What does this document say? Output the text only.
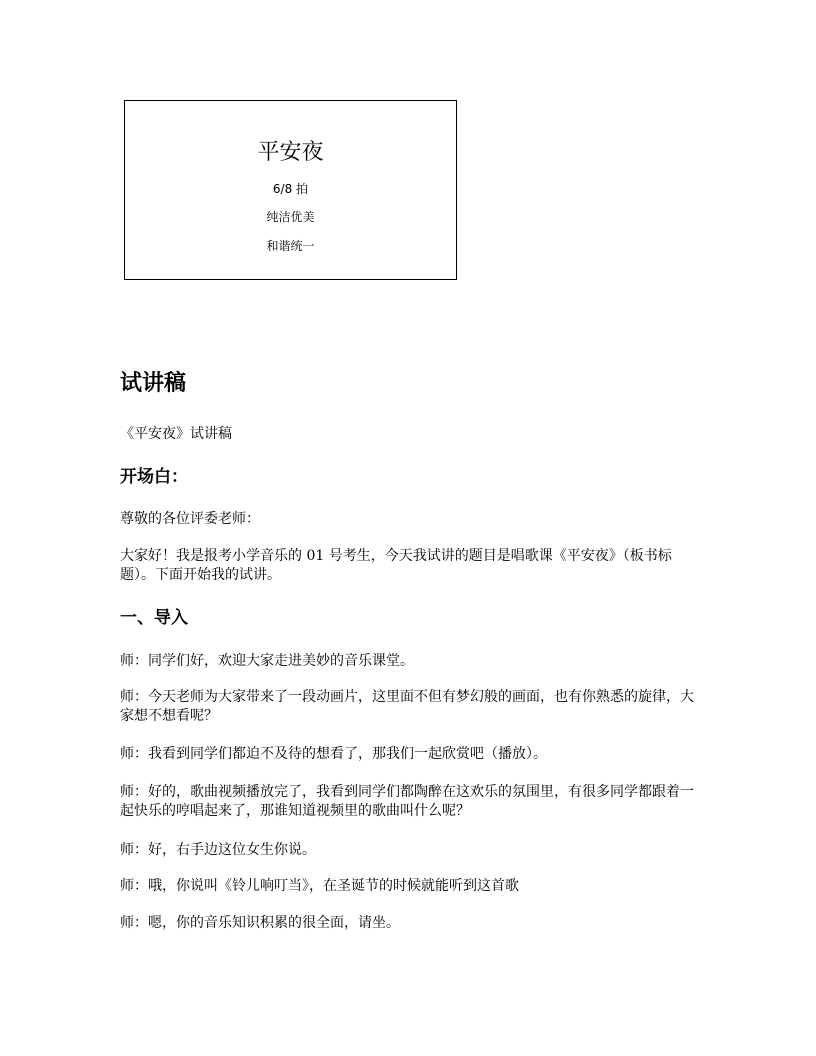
平安夜
6/8 拍
纯洁优美
和谐统一
试讲稿

《平安夜》试讲稿

开场白：

尊敬的各位评委老师：

大家好！我是报考小学音乐的 01 号考生，今天我试讲的题目是唱歌课《平安夜》（板书标题）。下面开始我的试讲。

一、导入

师：同学们好，欢迎大家走进美妙的音乐课堂。

师：今天老师为大家带来了一段动画片，这里面不但有梦幻般的画面，也有你熟悉的旋律，大家想不想看呢？

师：我看到同学们都迫不及待的想看了，那我们一起欣赏吧（播放）。

师：好的，歌曲视频播放完了，我看到同学们都陶醉在这欢乐的氛围里，有很多同学都跟着一起快乐的哼唱起来了，那谁知道视频里的歌曲叫什么呢？

师：好，右手边这位女生你说。

师：哦，你说叫《铃儿响叮当》，在圣诞节的时候就能听到这首歌

师：嗯，你的音乐知识积累的很全面，请坐。
